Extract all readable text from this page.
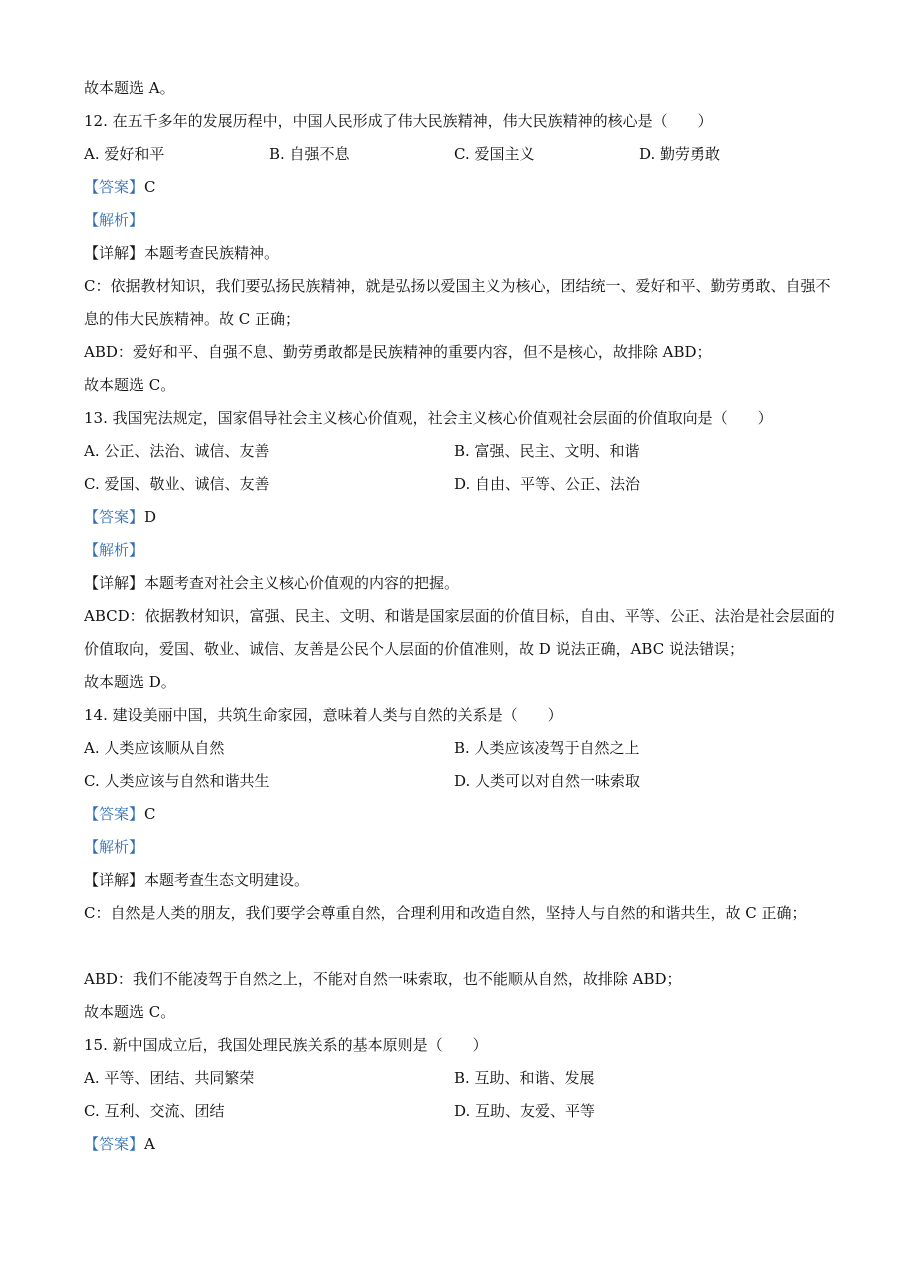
故本题选 A。
12. 在五千多年的发展历程中，中国人民形成了伟大民族精神，伟大民族精神的核心是（　　）
A. 爱好和平	B. 自强不息	C. 爱国主义	D. 勤劳勇敢
【答案】C
【解析】
【详解】本题考查民族精神。
C：依据教材知识，我们要弘扬民族精神，就是弘扬以爱国主义为核心，团结统一、爱好和平、勤劳勇敢、自强不息的伟大民族精神。故 C 正确；
ABD：爱好和平、自强不息、勤劳勇敢都是民族精神的重要内容，但不是核心，故排除 ABD；
故本题选 C。
13. 我国宪法规定，国家倡导社会主义核心价值观，社会主义核心价值观社会层面的价值取向是（　　）
A. 公正、法治、诚信、友善	B. 富强、民主、文明、和谐
C. 爱国、敬业、诚信、友善	D. 自由、平等、公正、法治
【答案】D
【解析】
【详解】本题考查对社会主义核心价值观的内容的把握。
ABCD：依据教材知识，富强、民主、文明、和谐是国家层面的价值目标，自由、平等、公正、法治是社会层面的价值取向，爱国、敬业、诚信、友善是公民个人层面的价值准则，故 D 说法正确，ABC 说法错误；
故本题选 D。
14. 建设美丽中国，共筑生命家园，意味着人类与自然的关系是（　　）
A. 人类应该顺从自然	B. 人类应该凌驾于自然之上
C. 人类应该与自然和谐共生	D. 人类可以对自然一味索取
【答案】C
【解析】
【详解】本题考查生态文明建设。
C：自然是人类的朋友，我们要学会尊重自然，合理利用和改造自然，坚持人与自然的和谐共生，故 C 正确；
ABD：我们不能凌驾于自然之上，不能对自然一味索取，也不能顺从自然，故排除 ABD；
故本题选 C。
15. 新中国成立后，我国处理民族关系的基本原则是（　　）
A. 平等、团结、共同繁荣	B. 互助、和谐、发展
C. 互利、交流、团结	D. 互助、友爱、平等
【答案】A
